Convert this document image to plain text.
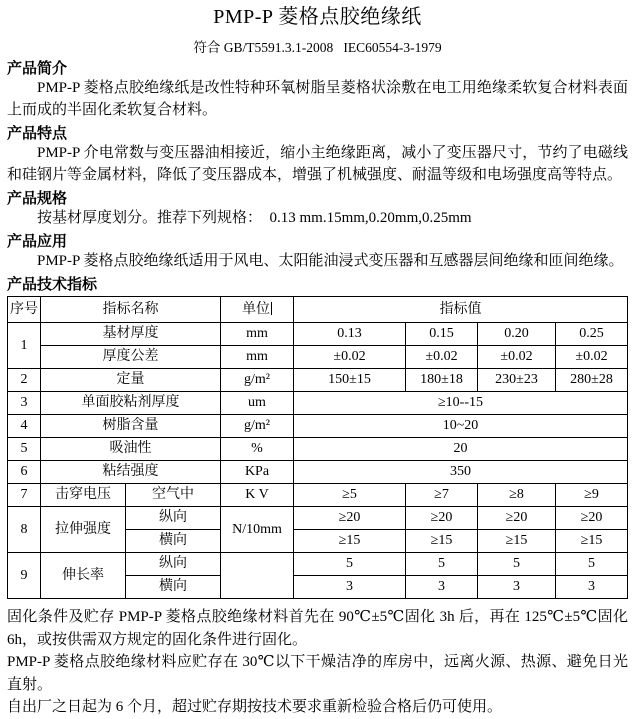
PMP-P 菱格点胶绝缘纸
符合 GB/T5591.3.1-2008   IEC60554-3-1979
产品简介
PMP-P 菱格点胶绝缘纸是改性特种环氧树脂呈菱格状涂敷在电工用绝缘柔软复合材料表面上而成的半固化柔软复合材料。
产品特点
PMP-P 介电常数与变压器油相接近，缩小主绝缘距离，减小了变压器尺寸，节约了电磁线和硅钢片等金属材料，降低了变压器成本，增强了机械强度、耐温等级和电场强度高等特点。
产品规格
按基材厚度划分。推荐下列规格：  0.13 mm.15mm,0.20mm,0.25mm
产品应用
PMP-P 菱格点胶绝缘纸适用于风电、太阳能油浸式变压器和互感器层间绝缘和匝间绝缘。
产品技术指标
序号	指标名称		单位	指标值			
1	基材厚度		mm	0.13	0.15	0.20	0.25
	厚度公差		mm	±0.02	±0.02	±0.02	±0.02
2	定量		g/m²	150±15	180±18	230±23	280±28
3	单面胶粘剂厚度		um	≥10--15			
4	树脂含量		g/m²	10~20			
5	吸油性		%	20			
6	粘结强度		KPa	350			
7	击穿电压	空气中	K V	≥5	≥7	≥8	≥9
8	拉伸强度	纵向	N/10mm	≥20	≥20	≥20	≥20
		横向		≥15	≥15	≥15	≥15
9	伸长率	纵向		5	5	5	5
		横向		3	3	3	3
固化条件及贮存 PMP-P 菱格点胶绝缘材料首先在 90℃±5℃固化 3h 后，再在 125℃±5℃固化 6h，或按供需双方规定的固化条件进行固化。
PMP-P 菱格点胶绝缘材料应贮存在 30℃以下干燥洁净的库房中，远离火源、热源、避免日光直射。
自出厂之日起为 6 个月，超过贮存期按技术要求重新检验合格后仍可使用。
